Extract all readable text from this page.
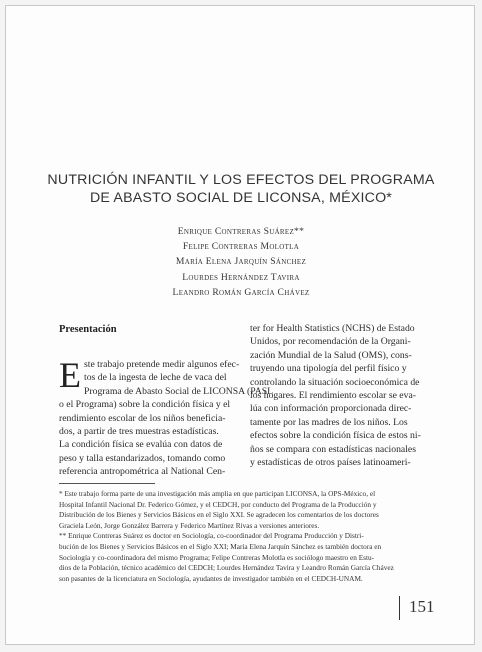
NUTRICIÓN INFANTIL Y LOS EFECTOS DEL PROGRAMA
DE ABASTO SOCIAL DE LICONSA, MÉXICO*
Enrique Contreras Suárez**
Felipe Contreras Molotla
María Elena Jarquín Sánchez
Lourdes Hernández Tavira
Leandro Román García Chávez
Presentación
E ste trabajo pretende medir algunos efec-
tos de la ingesta de leche de vaca del
Programa de Abasto Social de LICONSA (PASL
o el Programa) sobre la condición física y el
rendimiento escolar de los niños beneficia-
dos, a partir de tres muestras estadísticas.
La condición física se evalúa con datos de
peso y talla estandarizados, tomando como
referencia antropométrica al National Cen-
ter for Health Statistics (NCHS) de Estado
Unidos, por recomendación de la Organi-
zación Mundial de la Salud (OMS), cons-
truyendo una tipología del perfil físico y
controlando la situación socioeconómica de
los hogares. El rendimiento escolar se eva-
lúa con información proporcionada direc-
tamente por las madres de los niños. Los
efectos sobre la condición física de estos ni-
ños se compara con estadísticas nacionales
y estadísticas de otros países latinoameri-
* Este trabajo forma parte de una investigación más amplia en que participan LICONSA, la OPS-México, el
Hospital Infantil Nacional Dr. Federico Gómez, y el CEDCH, por conducto del Programa de la Producción y
Distribución de los Bienes y Servicios Básicos en el Siglo XXI. Se agradecen los comentarios de los doctores
Graciela León, Jorge González Barrera y Federico Martínez Rivas a versiones anteriores.
** Enrique Contreras Suárez es doctor en Sociología, co-coordinador del Programa Producción y Distri-
bución de los Bienes y Servicios Básicos en el Siglo XXI; María Elena Jarquín Sánchez es también doctora en
Sociología y co-coordinadora del mismo Programa; Felipe Contreras Molotla es sociólogo maestro en Estu-
dios de la Población, técnico académico del CEDCH; Lourdes Hernández Tavira y Leandro Román García Chávez
son pasantes de la licenciatura en Sociología, ayudantes de investigador también en el CEDCH-UNAM.
151
